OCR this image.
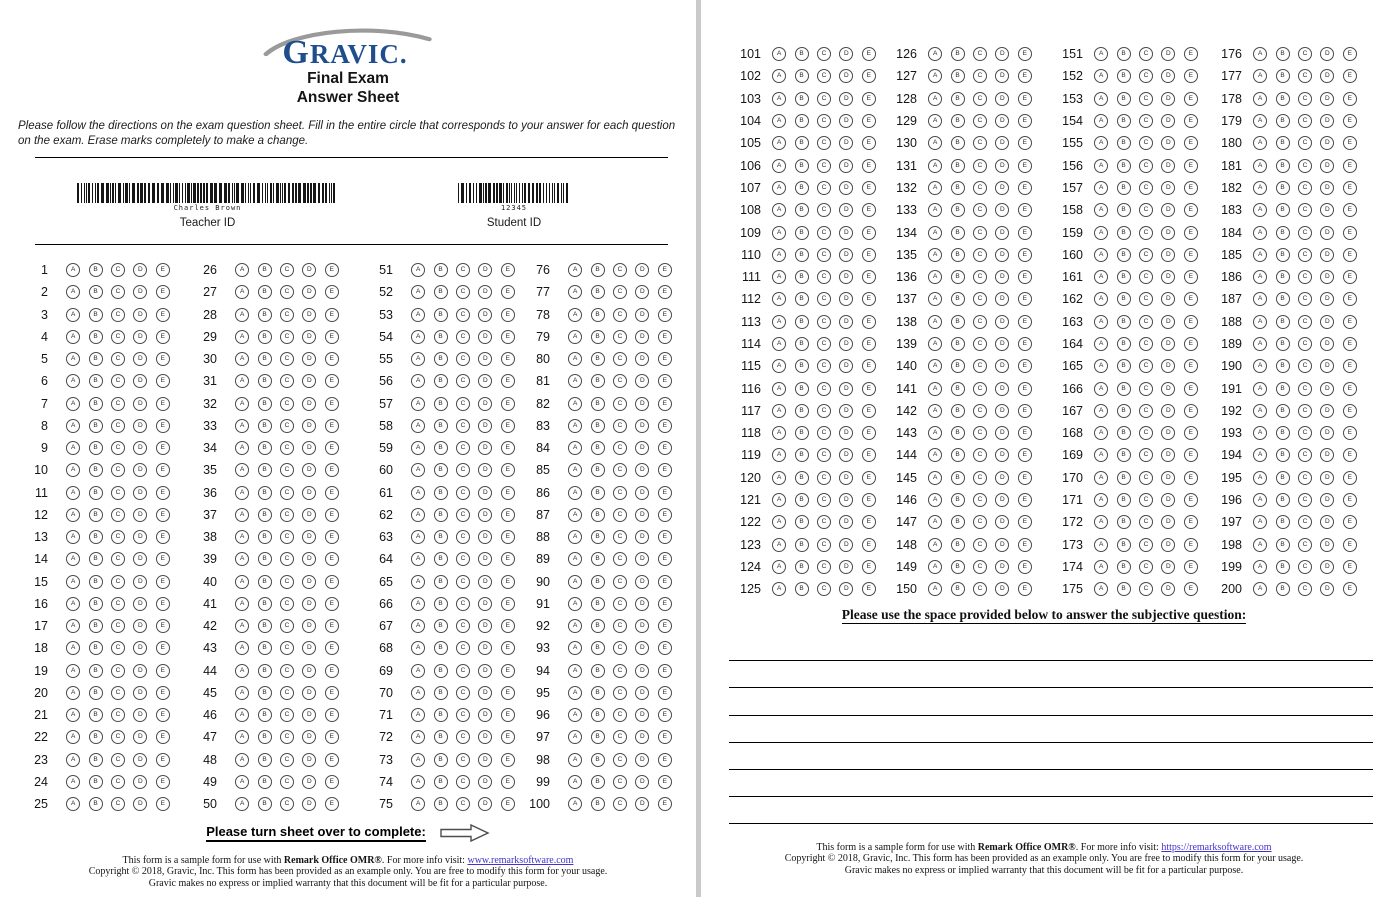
GRAVIC.
Final Exam
Answer Sheet

Please follow the directions on the exam question sheet. Fill in the entire circle that corresponds to your answer for each question on the exam. Erase marks completely to make a change.

Charles Brown
Teacher ID
12345
Student ID
1	A	B	C	D	E
2	A	B	C	D	E
3	A	B	C	D	E
4	A	B	C	D	E
5	A	B	C	D	E
6	A	B	C	D	E
7	A	B	C	D	E
8	A	B	C	D	E
9	A	B	C	D	E
10	A	B	C	D	E
11	A	B	C	D	E
12	A	B	C	D	E
13	A	B	C	D	E
14	A	B	C	D	E
15	A	B	C	D	E
16	A	B	C	D	E
17	A	B	C	D	E
18	A	B	C	D	E
19	A	B	C	D	E
20	A	B	C	D	E
21	A	B	C	D	E
22	A	B	C	D	E
23	A	B	C	D	E
24	A	B	C	D	E
25	A	B	C	D	E
26	A	B	C	D	E
27	A	B	C	D	E
28	A	B	C	D	E
29	A	B	C	D	E
30	A	B	C	D	E
31	A	B	C	D	E
32	A	B	C	D	E
33	A	B	C	D	E
34	A	B	C	D	E
35	A	B	C	D	E
36	A	B	C	D	E
37	A	B	C	D	E
38	A	B	C	D	E
39	A	B	C	D	E
40	A	B	C	D	E
41	A	B	C	D	E
42	A	B	C	D	E
43	A	B	C	D	E
44	A	B	C	D	E
45	A	B	C	D	E
46	A	B	C	D	E
47	A	B	C	D	E
48	A	B	C	D	E
49	A	B	C	D	E
50	A	B	C	D	E
51	A	B	C	D	E
52	A	B	C	D	E
53	A	B	C	D	E
54	A	B	C	D	E
55	A	B	C	D	E
56	A	B	C	D	E
57	A	B	C	D	E
58	A	B	C	D	E
59	A	B	C	D	E
60	A	B	C	D	E
61	A	B	C	D	E
62	A	B	C	D	E
63	A	B	C	D	E
64	A	B	C	D	E
65	A	B	C	D	E
66	A	B	C	D	E
67	A	B	C	D	E
68	A	B	C	D	E
69	A	B	C	D	E
70	A	B	C	D	E
71	A	B	C	D	E
72	A	B	C	D	E
73	A	B	C	D	E
74	A	B	C	D	E
75	A	B	C	D	E
76	A	B	C	D	E
77	A	B	C	D	E
78	A	B	C	D	E
79	A	B	C	D	E
80	A	B	C	D	E
81	A	B	C	D	E
82	A	B	C	D	E
83	A	B	C	D	E
84	A	B	C	D	E
85	A	B	C	D	E
86	A	B	C	D	E
87	A	B	C	D	E
88	A	B	C	D	E
89	A	B	C	D	E
90	A	B	C	D	E
91	A	B	C	D	E
92	A	B	C	D	E
93	A	B	C	D	E
94	A	B	C	D	E
95	A	B	C	D	E
96	A	B	C	D	E
97	A	B	C	D	E
98	A	B	C	D	E
99	A	B	C	D	E
100	A	B	C	D	E
Please turn sheet over to complete:
This form is a sample form for use with Remark Office OMR®. For more info visit: www.remarksoftware.com
Copyright © 2018, Gravic, Inc. This form has been provided as an example only. You are free to modify this form for your usage.
Gravic makes no express or implied warranty that this document will be fit for a particular purpose.
101	A	B	C	D	E
102	A	B	C	D	E
103	A	B	C	D	E
104	A	B	C	D	E
105	A	B	C	D	E
106	A	B	C	D	E
107	A	B	C	D	E
108	A	B	C	D	E
109	A	B	C	D	E
110	A	B	C	D	E
111	A	B	C	D	E
112	A	B	C	D	E
113	A	B	C	D	E
114	A	B	C	D	E
115	A	B	C	D	E
116	A	B	C	D	E
117	A	B	C	D	E
118	A	B	C	D	E
119	A	B	C	D	E
120	A	B	C	D	E
121	A	B	C	D	E
122	A	B	C	D	E
123	A	B	C	D	E
124	A	B	C	D	E
125	A	B	C	D	E
126	A	B	C	D	E
127	A	B	C	D	E
128	A	B	C	D	E
129	A	B	C	D	E
130	A	B	C	D	E
131	A	B	C	D	E
132	A	B	C	D	E
133	A	B	C	D	E
134	A	B	C	D	E
135	A	B	C	D	E
136	A	B	C	D	E
137	A	B	C	D	E
138	A	B	C	D	E
139	A	B	C	D	E
140	A	B	C	D	E
141	A	B	C	D	E
142	A	B	C	D	E
143	A	B	C	D	E
144	A	B	C	D	E
145	A	B	C	D	E
146	A	B	C	D	E
147	A	B	C	D	E
148	A	B	C	D	E
149	A	B	C	D	E
150	A	B	C	D	E
151	A	B	C	D	E
152	A	B	C	D	E
153	A	B	C	D	E
154	A	B	C	D	E
155	A	B	C	D	E
156	A	B	C	D	E
157	A	B	C	D	E
158	A	B	C	D	E
159	A	B	C	D	E
160	A	B	C	D	E
161	A	B	C	D	E
162	A	B	C	D	E
163	A	B	C	D	E
164	A	B	C	D	E
165	A	B	C	D	E
166	A	B	C	D	E
167	A	B	C	D	E
168	A	B	C	D	E
169	A	B	C	D	E
170	A	B	C	D	E
171	A	B	C	D	E
172	A	B	C	D	E
173	A	B	C	D	E
174	A	B	C	D	E
175	A	B	C	D	E
176	A	B	C	D	E
177	A	B	C	D	E
178	A	B	C	D	E
179	A	B	C	D	E
180	A	B	C	D	E
181	A	B	C	D	E
182	A	B	C	D	E
183	A	B	C	D	E
184	A	B	C	D	E
185	A	B	C	D	E
186	A	B	C	D	E
187	A	B	C	D	E
188	A	B	C	D	E
189	A	B	C	D	E
190	A	B	C	D	E
191	A	B	C	D	E
192	A	B	C	D	E
193	A	B	C	D	E
194	A	B	C	D	E
195	A	B	C	D	E
196	A	B	C	D	E
197	A	B	C	D	E
198	A	B	C	D	E
199	A	B	C	D	E
200	A	B	C	D	E
Please use the space provided below to answer the subjective question:
This form is a sample form for use with Remark Office OMR®. For more info visit: https://remarksoftware.com
Copyright © 2018, Gravic, Inc. This form has been provided as an example only. You are free to modify this form for your usage.
Gravic makes no express or implied warranty that this document will be fit for a particular purpose.
